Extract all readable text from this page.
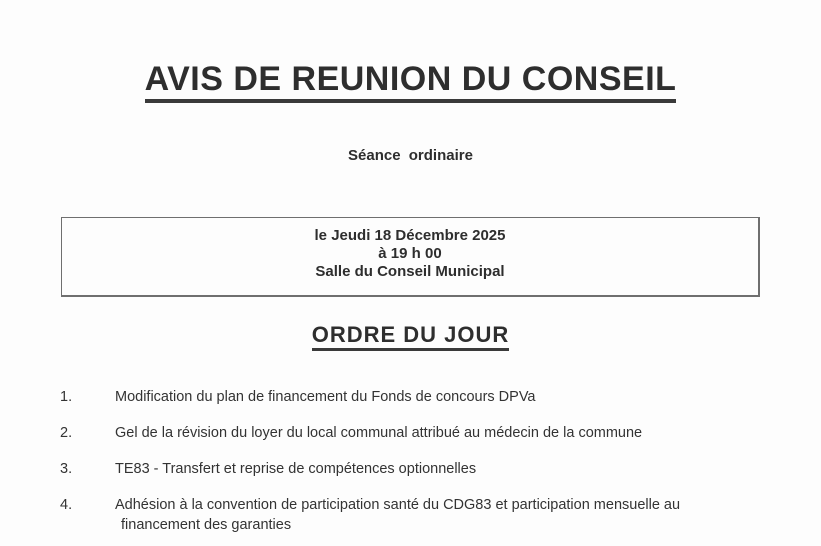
AVIS DE REUNION DU CONSEIL
Séance ordinaire
le Jeudi 18 Décembre 2025
à 19 h 00
Salle du Conseil Municipal
ORDRE DU JOUR
1.	Modification du plan de financement du Fonds de concours DPVa
2.	Gel de la révision du loyer du local communal attribué au médecin de la commune
3.	TE83 - Transfert et reprise de compétences optionnelles
4.	Adhésion à la convention de participation santé du CDG83 et participation mensuelle au
financement des garanties
